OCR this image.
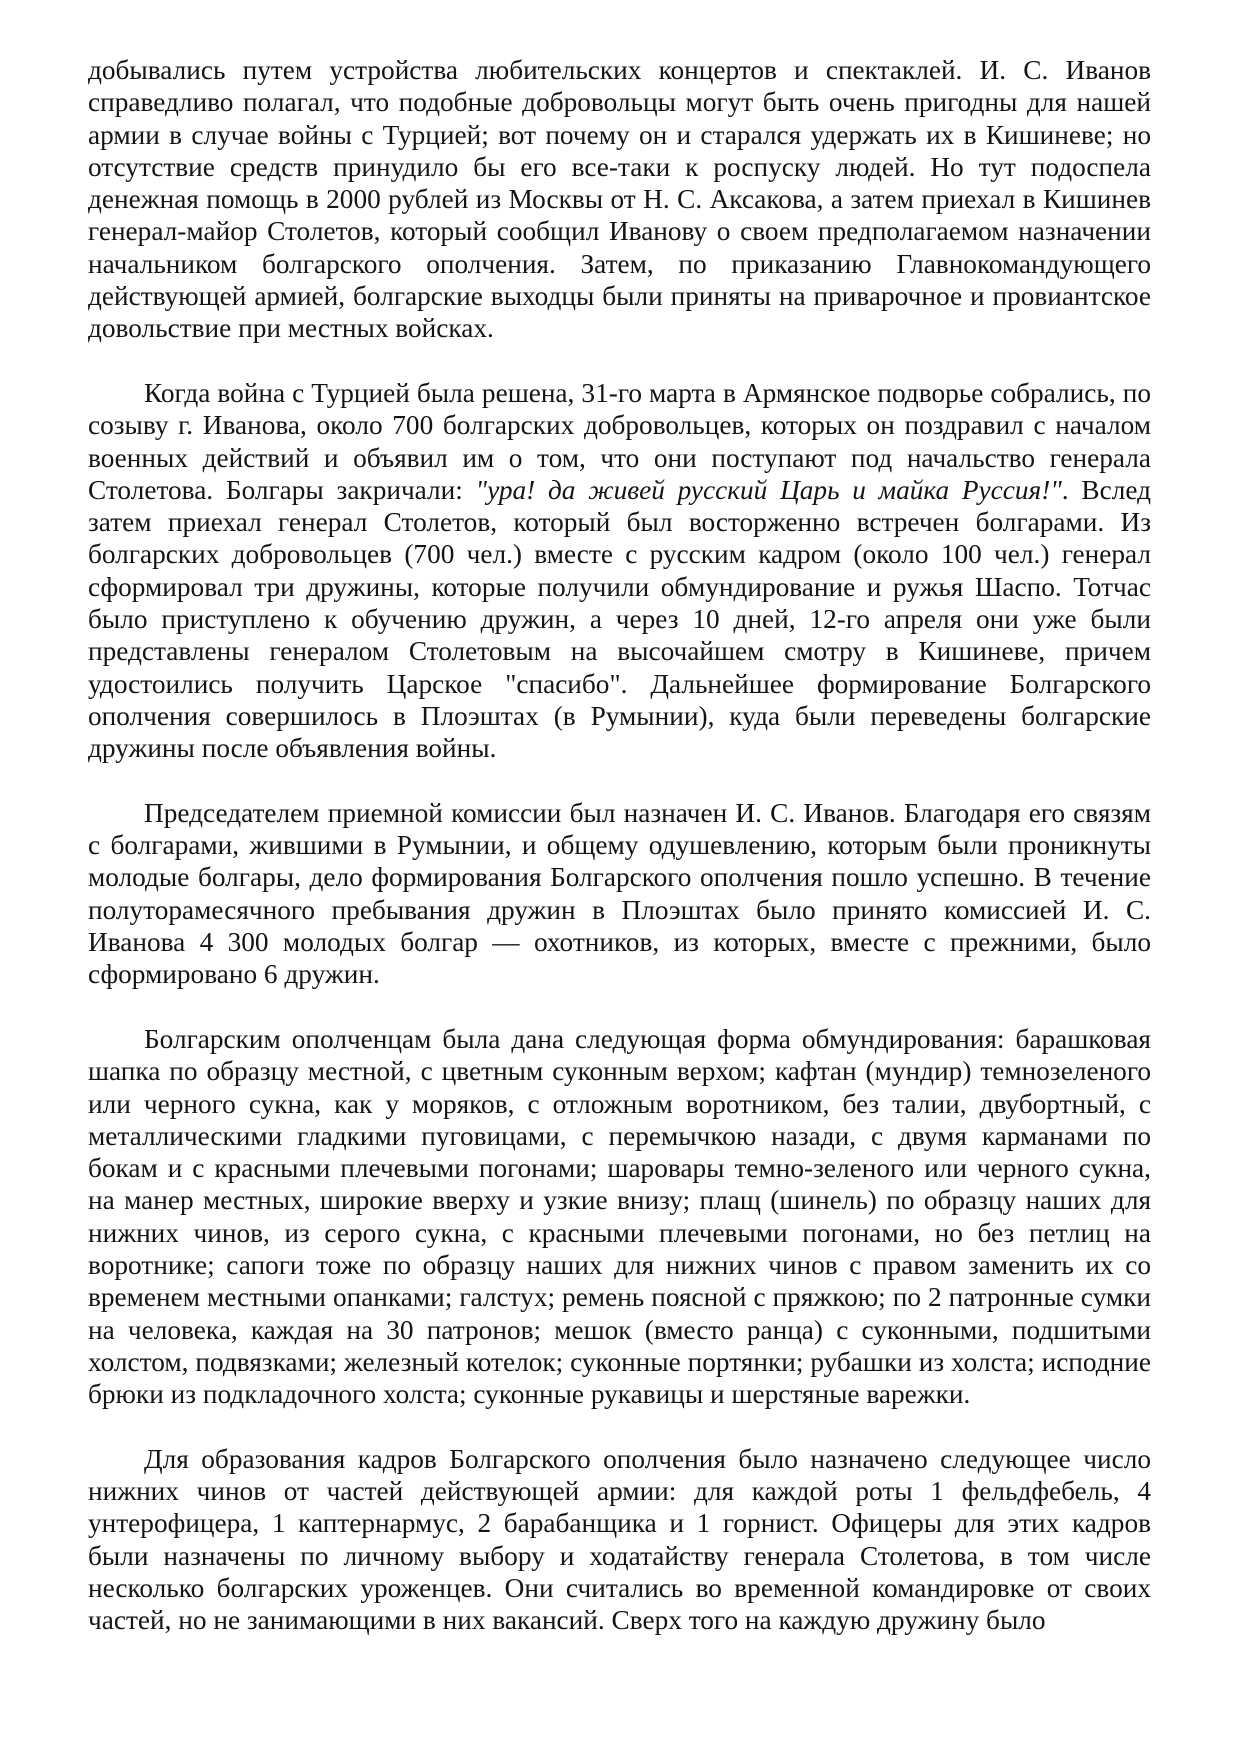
добывались путем устройства любительских концертов и спектаклей. И. С. Иванов справедливо полагал, что подобные добровольцы могут быть очень пригодны для нашей армии в случае войны с Турцией; вот почему он и старался удержать их в Кишиневе; но отсутствие средств принудило бы его все-таки к роспуску людей. Но тут подоспела денежная помощь в 2000 рублей из Москвы от Н. С. Аксакова, а затем приехал в Кишинев генерал-майор Столетов, который сообщил Иванову о своем предполагаемом назначении начальником болгарского ополчения. Затем, по приказанию Главнокомандующего действующей армией, болгарские выходцы были приняты на приварочное и провиантское довольствие при местных войсках.

Когда война с Турцией была решена, 31-го марта в Армянское подворье собрались, по созыву г. Иванова, около 700 болгарских добровольцев, которых он поздравил с началом военных действий и объявил им о том, что они поступают под начальство генерала Столетова. Болгары закричали: "ура! да живей русский Царь и майка Руссия!". Вслед затем приехал генерал Столетов, который был восторженно встречен болгарами. Из болгарских добровольцев (700 чел.) вместе с русским кадром (около 100 чел.) генерал сформировал три дружины, которые получили обмундирование и ружья Шаспо. Тотчас было приступлено к обучению дружин, а через 10 дней, 12-го апреля они уже были представлены генералом Столетовым на высочайшем смотру в Кишиневе, причем удостоились получить Царское "спасибо". Дальнейшее формирование Болгарского ополчения совершилось в Плоэштах (в Румынии), куда были переведены болгарские дружины после объявления войны.

Председателем приемной комиссии был назначен И. С. Иванов. Благодаря его связям с болгарами, жившими в Румынии, и общему одушевлению, которым были проникнуты молодые болгары, дело формирования Болгарского ополчения пошло успешно. В течение полуторамесячного пребывания дружин в Плоэштах было принято комиссией И. С. Иванова 4 300 молодых болгар — охотников, из которых, вместе с прежними, было сформировано 6 дружин.

Болгарским ополченцам была дана следующая форма обмундирования: барашковая шапка по образцу местной, с цветным суконным верхом; кафтан (мундир) темнозеленого или черного сукна, как у моряков, с отложным воротником, без талии, двубортный, с металлическими гладкими пуговицами, с перемычкою назади, с двумя карманами по бокам и с красными плечевыми погонами; шаровары темно-зеленого или черного сукна, на манер местных, широкие вверху и узкие внизу; плащ (шинель) по образцу наших для нижних чинов, из серого сукна, с красными плечевыми погонами, но без петлиц на воротнике; сапоги тоже по образцу наших для нижних чинов с правом заменить их со временем местными опанками; галстух; ремень поясной с пряжкою; по 2 патронные сумки на человека, каждая на 30 патронов; мешок (вместо ранца) с суконными, подшитыми холстом, подвязками; железный котелок; суконные портянки; рубашки из холста; исподние брюки из подкладочного холста; суконные рукавицы и шерстяные варежки.

Для образования кадров Болгарского ополчения было назначено следующее число нижних чинов от частей действующей армии: для каждой роты 1 фельдфебель, 4 унтерофицера, 1 каптернармус, 2 барабанщика и 1 горнист. Офицеры для этих кадров были назначены по личному выбору и ходатайству генерала Столетова, в том числе несколько болгарских уроженцев. Они считались во временной командировке от своих частей, но не занимающими в них вакансий. Сверх того на каждую дружину было
